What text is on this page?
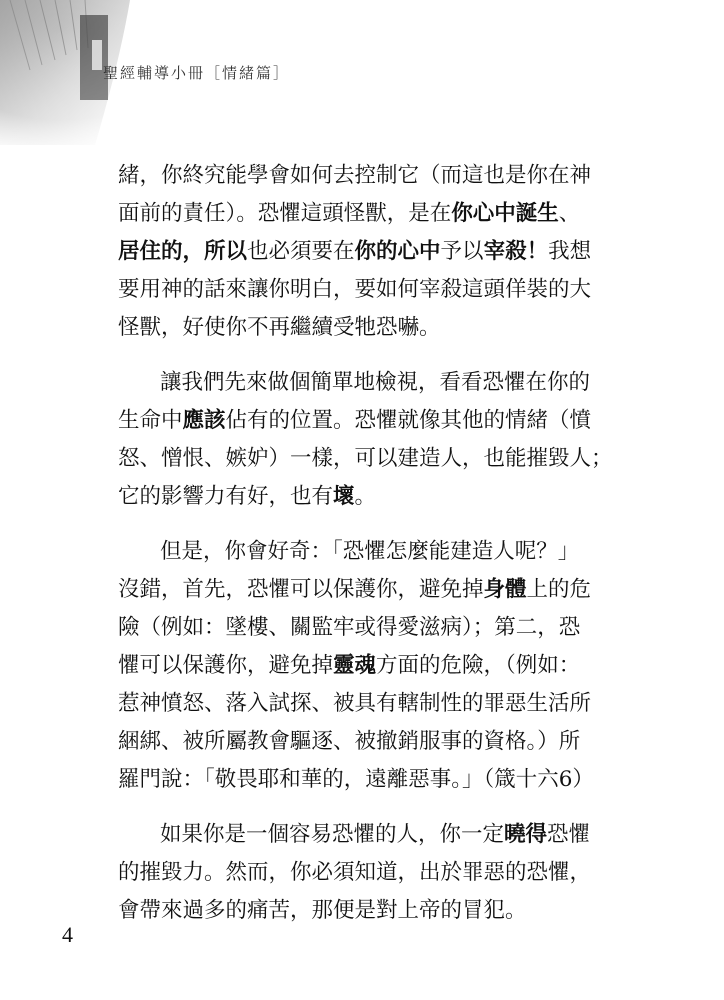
聖經輔導小冊［情緒篇］
緒，你終究能學會如何去控制它（而這也是你在神
面前的責任）。恐懼這頭怪獸，是在你心中誕生、
居住的，所以也必須要在你的心中予以宰殺！我想
要用神的話來讓你明白，要如何宰殺這頭佯裝的大
怪獸，好使你不再繼續受牠恐嚇。
讓我們先來做個簡單地檢視，看看恐懼在你的
生命中應該佔有的位置。恐懼就像其他的情緒（憤
怒、憎恨、嫉妒）一樣，可以建造人，也能摧毀人；
它的影響力有好，也有壞。
但是，你會好奇：「恐懼怎麼能建造人呢？」
沒錯，首先，恐懼可以保護你，避免掉身體上的危
險（例如：墜樓、關監牢或得愛滋病）；第二，恐
懼可以保護你，避免掉靈魂方面的危險，（例如：
惹神憤怒、落入試探、被具有轄制性的罪惡生活所
綑綁、被所屬教會驅逐、被撤銷服事的資格。）所
羅門說：「敬畏耶和華的，遠離惡事。」（箴十六6）
如果你是一個容易恐懼的人，你一定曉得恐懼
的摧毀力。然而，你必須知道，出於罪惡的恐懼，
會帶來過多的痛苦，那便是對上帝的冒犯。
4
